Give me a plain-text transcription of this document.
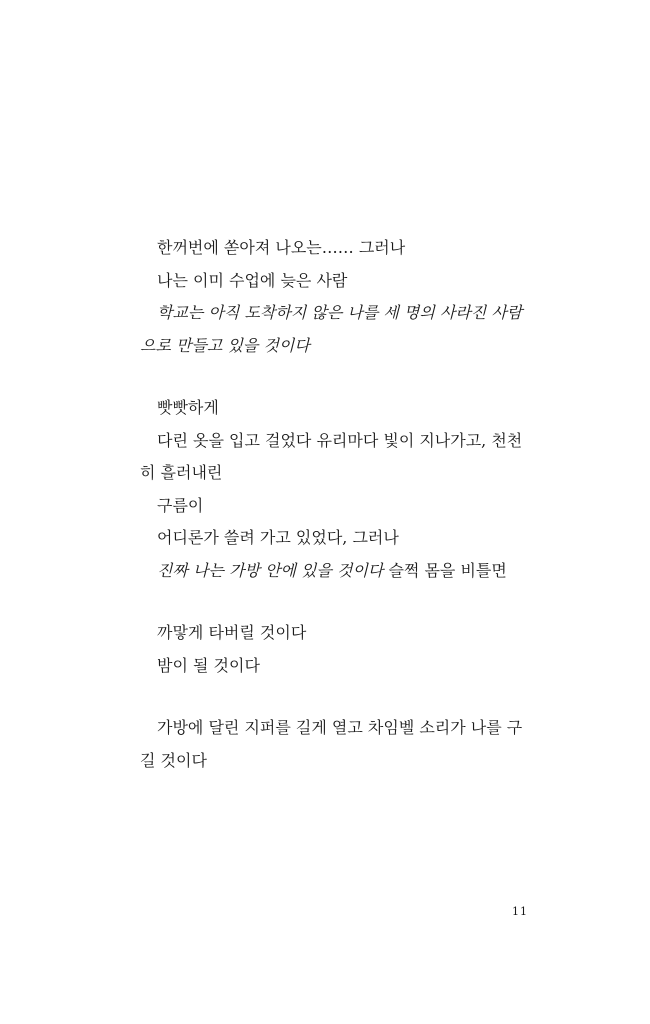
한꺼번에 쏟아져 나오는…… 그러나
나는 이미 수업에 늦은 사람
학교는 아직 도착하지 않은 나를 세 명의 사라진 사람
으로 만들고 있을 것이다
빳빳하게
다린 옷을 입고 걸었다 유리마다 빛이 지나가고, 천천
히 흘러내린
구름이
어디론가 쓸려 가고 있었다, 그러나
진짜 나는 가방 안에 있을 것이다 슬쩍 몸을 비틀면
까맣게 타버릴 것이다
밤이 될 것이다
가방에 달린 지퍼를 길게 열고 차임벨 소리가 나를 구
길 것이다
11
